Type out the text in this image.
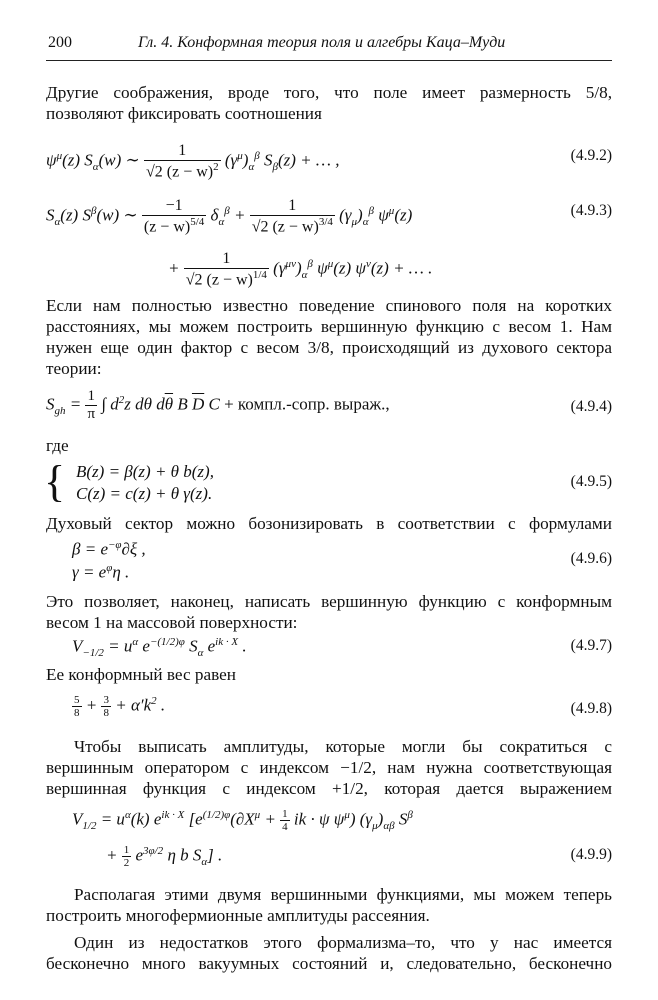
200	Гл. 4. Конформная теория поля и алгебры Каца–Муди
Другие соображения, вроде того, что поле имеет размерность 5/8,
позволяют фиксировать соотношения
$\psi^\mu(z)$ $S_\alpha(w)$ ∼ $\frac{1}{√2 (z - w)^2} (\gamma^\mu)_\alpha^\beta$ $S_\beta(z)$ + … ,	(4.9.2)
$S_\alpha(z)$ $S^\beta(w)$ ∼ $\frac{-1}{(z - w)^{5/4}} \delta_\alpha^\beta + \frac{1}{√2 (z - w)^{3/4}} (\gamma_\mu)_\alpha^\beta$ $\psi^\mu(z)$	(4.9.3)
+ $\frac{1}{√2 (z - w)^{1/4}} (\gamma^{\mu\nu})_\alpha^\beta$ $\psi^\mu(z) \psi^\nu(z)$ + … .
Если нам полностью известно поведение спинового поля на коротких
расстояниях, мы можем построить вершинную функцию с весом 1. Нам
нужен еще один фактор с весом 3/8, происходящий из духового сектора
теории:
$S_{gh} = \frac{1}{\pi}$ ∫ $d^2z$ dθ $d\overline{\theta}$ B $\overline{D}$ C + компл.-сопр. выраж.,	(4.9.4)
где
{ B(z) = β(z) + θ b(z),
C(z) = c(z) + θ γ(z).
(4.9.5)
Духовый сектор можно бозонизировать в соответствии с формулами
$\beta = e^{-\varphi}\partial\xi$ ,
$\gamma = e^\varphi\eta$ .
(4.9.6)
Это позволяет, наконец, написать вершинную функцию с конформным
весом 1 на массовой поверхности:
$V_{-1/2} = u^\alpha$ $e^{-(1/2)\varphi}$ $S_\alpha$ $e^{ik \cdot X}$ .	(4.9.7)
Ее конформный вес равен
$\frac{5}{8} + \frac{3}{8} + \alpha'k^2$ .	(4.9.8)
Чтобы выписать амплитуды, которые могли бы сократиться с
вершинным оператором с индексом −1/2, нам нужна соответствующая
вершинная функция с индексом +1/2, которая дается выражением
$V_{1/2} = u^\alpha(k)$ $e^{ik \cdot X}$ [$e^{(1/2)\varphi}(\partial X^\mu + \frac{1}{4}$ ik · ψ $\psi^\mu$) $(\gamma_\mu)_{\alpha\beta}$ $S^\beta$
+ $\frac{1}{2} e^{3\varphi/2}$ η b $S_\alpha$] .	(4.9.9)
Располагая этими двумя вершинными функциями, мы можем теперь
построить многофермионные амплитуды рассеяния.
Один из недостатков этого формализма–то, что у нас имеется
бесконечно много вакуумных состояний и, следовательно, бесконечно
